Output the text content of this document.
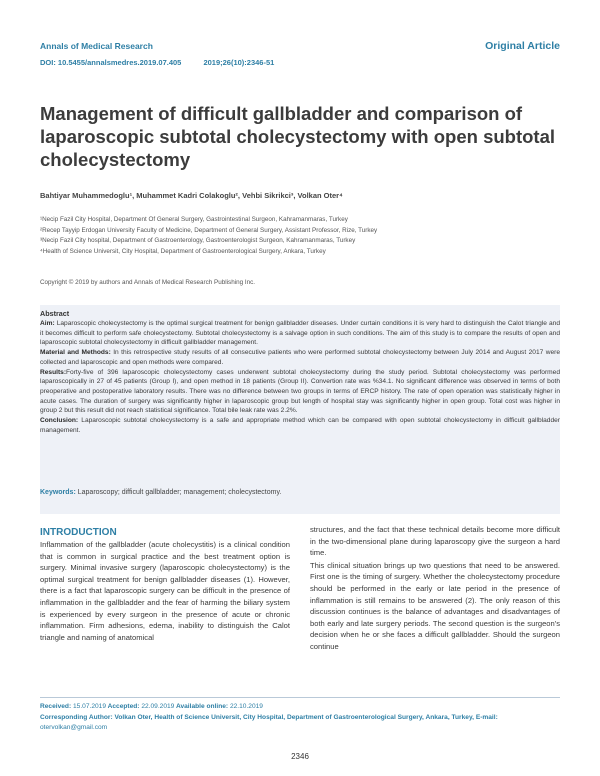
Annals of Medical Research
DOI: 10.5455/annalsmedres.2019.07.405	2019;26(10):2346-51
Original Article
Management of difficult gallbladder and comparison of laparoscopic subtotal cholecystectomy with open subtotal cholecystectomy
Bahtiyar Muhammedoglu¹, Muhammet Kadri Colakoglu², Vehbi Sikrikci³, Volkan Oter⁴
¹Necip Fazil City Hospital, Department Of General Surgery, Gastrointestinal Surgeon, Kahramanmaras, Turkey
²Recep Tayyip Erdogan University Faculty of Medicine, Department of General Surgery, Assistant Professor, Rize, Turkey
³Necip Fazil City hospital, Department of Gastroenterology, Gastroenterologist Surgeon, Kahramanmaras, Turkey
⁴Health of Science Universit, City Hospital, Department of Gastroenterological Surgery, Ankara, Turkey
Copyright © 2019 by authors and Annals of Medical Research Publishing Inc.
Abstract

Aim: Laparoscopic cholecystectomy is the optimal surgical treatment for benign gallbladder diseases. Under curtain conditions it is very hard to distinguish the Calot triangle and it becomes difficult to perform safe cholecystectomy. Subtotal cholecystectomy is a salvage option in such conditions. The aim of this study is to compare the results of open and laparoscopic subtotal cholecystectomy in difficult gallbladder management.

Material and Methods: In this retrospective study results of all consecutive patients who were performed subtotal cholecystectomy between July 2014 and August 2017 were collected and laparoscopic and open methods were compared.

Results:Forty-five of 396 laparoscopic cholecystectomy cases underwent subtotal cholecystectomy during the study period. Subtotal cholecystectomy was performed laparoscopically in 27 of 45 patients (Group I), and open method in 18 patients (Group II). Convertion rate was %34.1. No significant difference was observed in terms of both preoperative and postoperative laboratory results. There was no difference between two groups in terms of ERCP history. The rate of open operation was statistically higher in acute cases. The duration of surgery was significantly higher in laparoscopic group but length of hospital stay was significantly higher in open group. Total cost was higher in group 2 but this result did not reach statistical significance. Total bile leak rate was 2.2%.

Conclusion: Laparoscopic subtotal cholecystectomy is a safe and appropriate method which can be compared with open subtotal cholecystectomy in difficult gallbladder management.

Keywords: Laparoscopy; difficult gallbladder; management; cholecystectomy.
INTRODUCTION

Inflammation of the gallbladder (acute cholecystitis) is a clinical condition that is common in surgical practice and the best treatment option is surgery. Minimal invasive surgery (laparoscopic cholecystectomy) is the optimal surgical treatment for benign gallbladder diseases (1). However, there is a fact that laparoscopic surgery can be difficult in the presence of inflammation in the gallbladder and the fear of harming the biliary system is experienced by every surgeon in the presence of acute or chronic inflammation. Firm adhesions, edema, inability to distinguish the Calot triangle and naming of anatomical

structures, and the fact that these technical details become more difficult in the two-dimensional plane during laparoscopy give the surgeon a hard time.

This clinical situation brings up two questions that need to be answered. First one is the timing of surgery. Whether the cholecystectomy procedure should be performed in the early or late period in the presence of inflammation is still remains to be answered (2). The only reason of this discussion continues is the balance of advantages and disadvantages of both early and late surgery periods. The second question is the surgeon's decision when he or she faces a difficult gallbladder. Should the surgeon continue

Received: 15.07.2019 Accepted: 22.09.2019 Available online: 22.10.2019
Corresponding Author: Volkan Oter, Health of Science Universit, City Hospital, Department of Gastroenterological Surgery, Ankara, Turkey, E-mail: otervolkan@gmail.com
2346
